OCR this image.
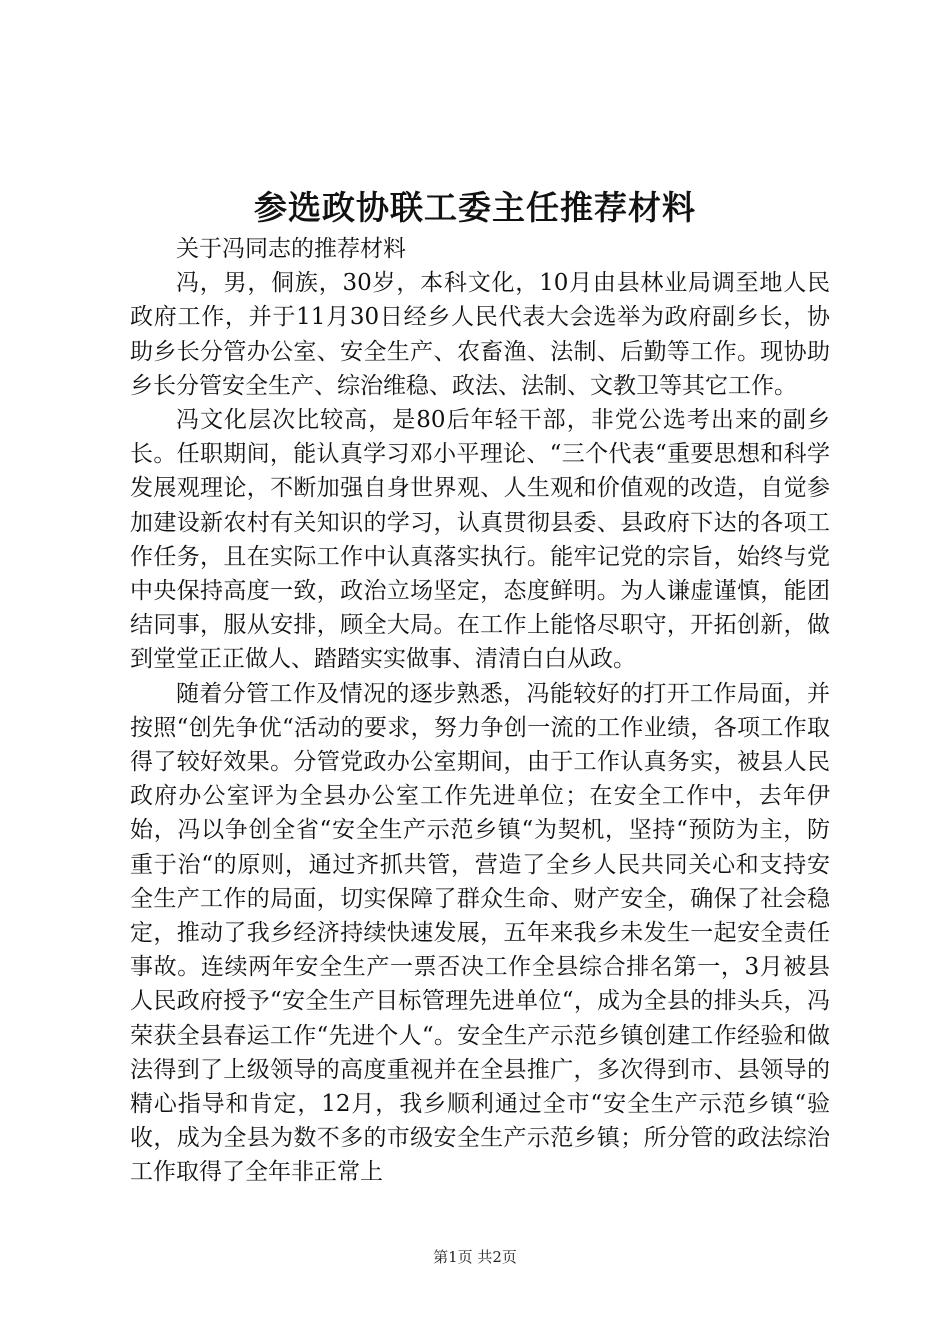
参选政协联工委主任推荐材料

关于冯同志的推荐材料

冯，男，侗族，30岁，本科文化，10月由县林业局调至地人民政府工作，并于11月30日经乡人民代表大会选举为政府副乡长，协助乡长分管办公室、安全生产、农畜渔、法制、后勤等工作。现协助乡长分管安全生产、综治维稳、政法、法制、文教卫等其它工作。

冯文化层次比较高，是80后年轻干部，非党公选考出来的副乡长。任职期间，能认真学习邓小平理论、“三个代表“重要思想和科学发展观理论，不断加强自身世界观、人生观和价值观的改造，自觉参加建设新农村有关知识的学习，认真贯彻县委、县政府下达的各项工作任务，且在实际工作中认真落实执行。能牢记党的宗旨，始终与党中央保持高度一致，政治立场坚定，态度鲜明。为人谦虚谨慎，能团结同事，服从安排，顾全大局。在工作上能恪尽职守，开拓创新，做到堂堂正正做人、踏踏实实做事、清清白白从政。

随着分管工作及情况的逐步熟悉，冯能较好的打开工作局面，并按照“创先争优“活动的要求，努力争创一流的工作业绩，各项工作取得了较好效果。分管党政办公室期间，由于工作认真务实，被县人民政府办公室评为全县办公室工作先进单位；在安全工作中，去年伊始，冯以争创全省“安全生产示范乡镇“为契机，坚持“预防为主，防重于治“的原则，通过齐抓共管，营造了全乡人民共同关心和支持安全生产工作的局面，切实保障了群众生命、财产安全，确保了社会稳定，推动了我乡经济持续快速发展，五年来我乡未发生一起安全责任事故。连续两年安全生产一票否决工作全县综合排名第一，3月被县人民政府授予“安全生产目标管理先进单位“，成为全县的排头兵，冯荣获全县春运工作“先进个人“。安全生产示范乡镇创建工作经验和做法得到了上级领导的高度重视并在全县推广，多次得到市、县领导的精心指导和肯定，12月，我乡顺利通过全市“安全生产示范乡镇“验收，成为全县为数不多的市级安全生产示范乡镇；所分管的政法综治工作取得了全年非正常上

第1页 共2页
